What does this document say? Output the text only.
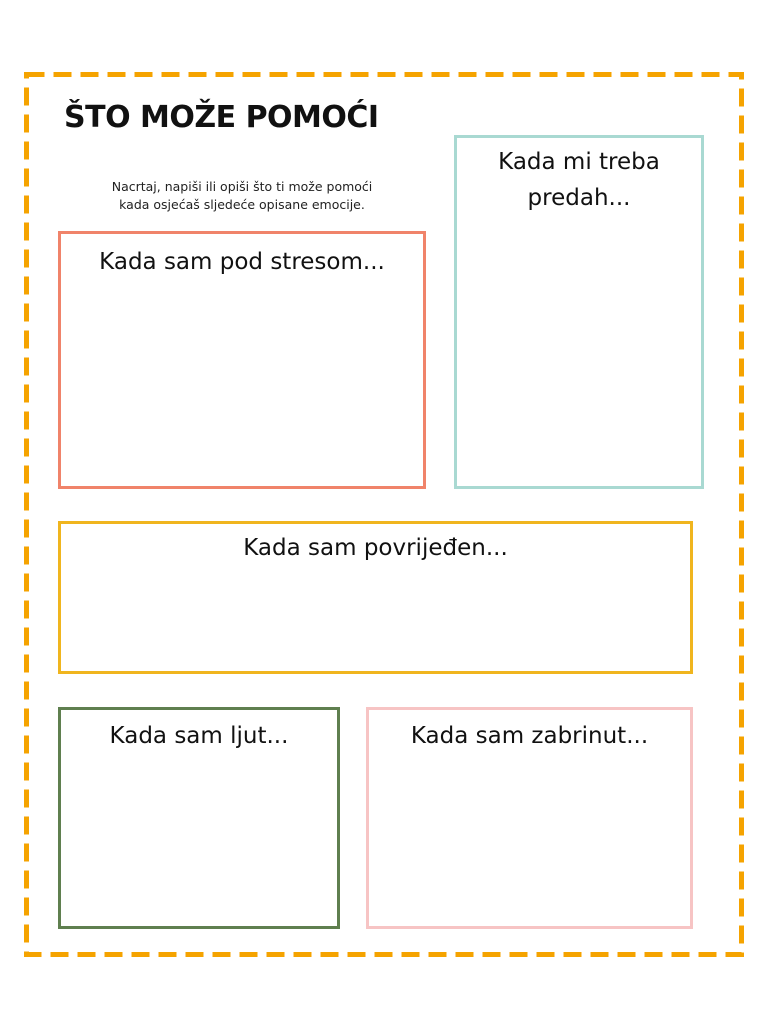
ŠTO MOŽE POMOĆI
Nacrtaj, napiši ili opiši što ti može pomoći
kada osjećaš sljedeće opisane emocije.
Kada sam pod stresom...
Kada mi treba
predah...
Kada sam povrijeđen...
Kada sam ljut...	Kada sam zabrinut...
